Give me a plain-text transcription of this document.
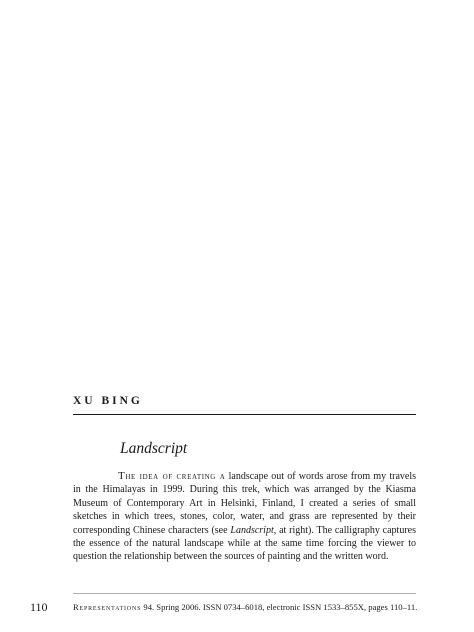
XU BING
Landscript

The idea of creating a landscape out of words arose from my travels in the Himalayas in 1999. During this trek, which was arranged by the Kiasma Museum of Contemporary Art in Helsinki, Finland, I created a series of small sketches in which trees, stones, color, water, and grass are represented by their corresponding Chinese characters (see Landscript, at right). The calligraphy captures the essence of the natural landscape while at the same time forcing the viewer to question the relationship between the sources of painting and the written word.

110	Representations 94. Spring 2006. ISSN 0734–6018, electronic ISSN 1533–855X, pages 110–11.
